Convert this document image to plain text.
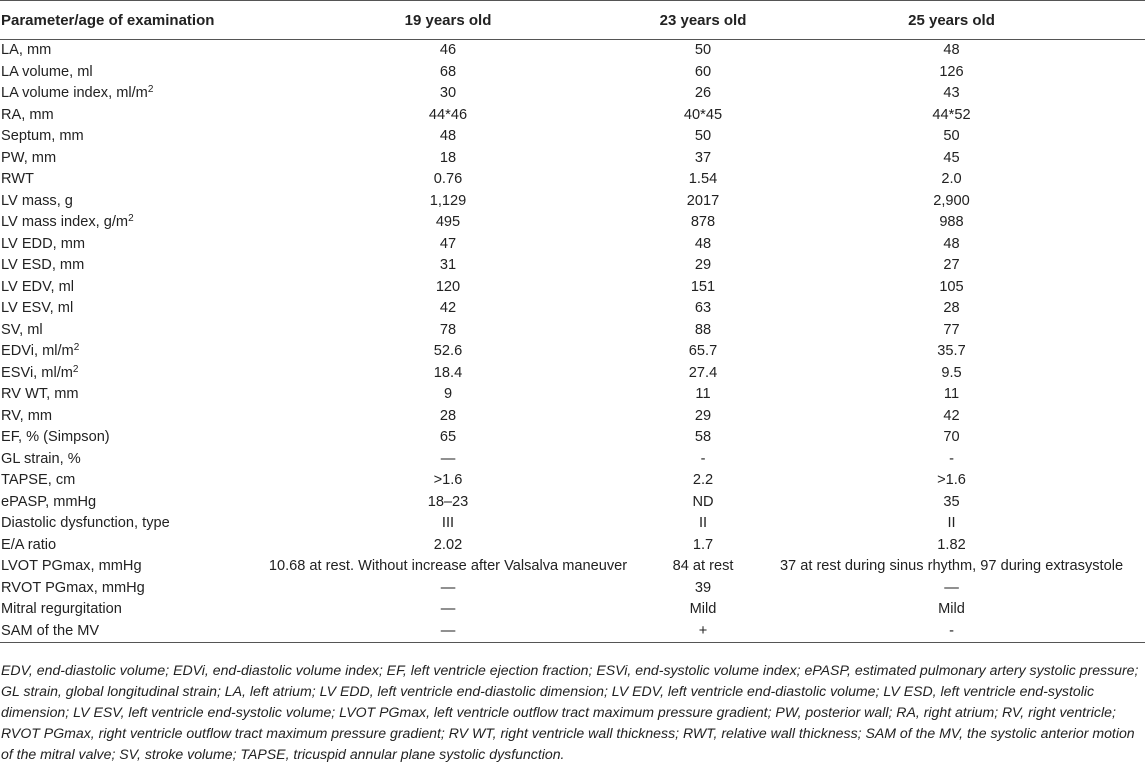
Parameter/age of examination	19 years old	23 years old	25 years old
LA, mm	46	50	48
LA volume, ml	68	60	126
LA volume index, $ml/m^2$	30	26	43
RA, mm	44*46	40*45	44*52
Septum, mm	48	50	50
PW, mm	18	37	45
RWT	0.76	1.54	2.0
LV mass, g	1,129	2017	2,900
LV mass index, $g/m^2$	495	878	988
LV EDD, mm	47	48	48
LV ESD, mm	31	29	27
LV EDV, ml	120	151	105
LV ESV, ml	42	63	28
SV, ml	78	88	77
EDVi, $ml/m^2$	52.6	65.7	35.7
ESVi, $ml/m^2$	18.4	27.4	9.5
RV WT, mm	9	11	11
RV, mm	28	29	42
EF, % (Simpson)	65	58	70
GL strain, %	—	-	-
TAPSE, cm	>1.6	2.2	>1.6
ePASP, mmHg	18–23	ND	35
Diastolic dysfunction, type	III	II	II
E/A ratio	2.02	1.7	1.82
LVOT PGmax, mmHg	10.68 at rest. Without increase after Valsalva maneuver	84 at rest	37 at rest during sinus rhythm, 97 during extrasystole
RVOT PGmax, mmHg	—	39	—
Mitral regurgitation	—	Mild	Mild
SAM of the MV	—	+	-
EDV, end-diastolic volume; EDVi, end-diastolic volume index; EF, left ventricle ejection fraction; ESVi, end-systolic volume index; ePASP, estimated pulmonary artery systolic pressure; GL strain, global longitudinal strain; LA, left atrium; LV EDD, left ventricle end-diastolic dimension; LV EDV, left ventricle end-diastolic volume; LV ESD, left ventricle end-systolic dimension; LV ESV, left ventricle end-systolic volume; LVOT PGmax, left ventricle outflow tract maximum pressure gradient; PW, posterior wall; RA, right atrium; RV, right ventricle; RVOT PGmax, right ventricle outflow tract maximum pressure gradient; RV WT, right ventricle wall thickness; RWT, relative wall thickness; SAM of the MV, the systolic anterior motion of the mitral valve; SV, stroke volume; TAPSE, tricuspid annular plane systolic dysfunction.
